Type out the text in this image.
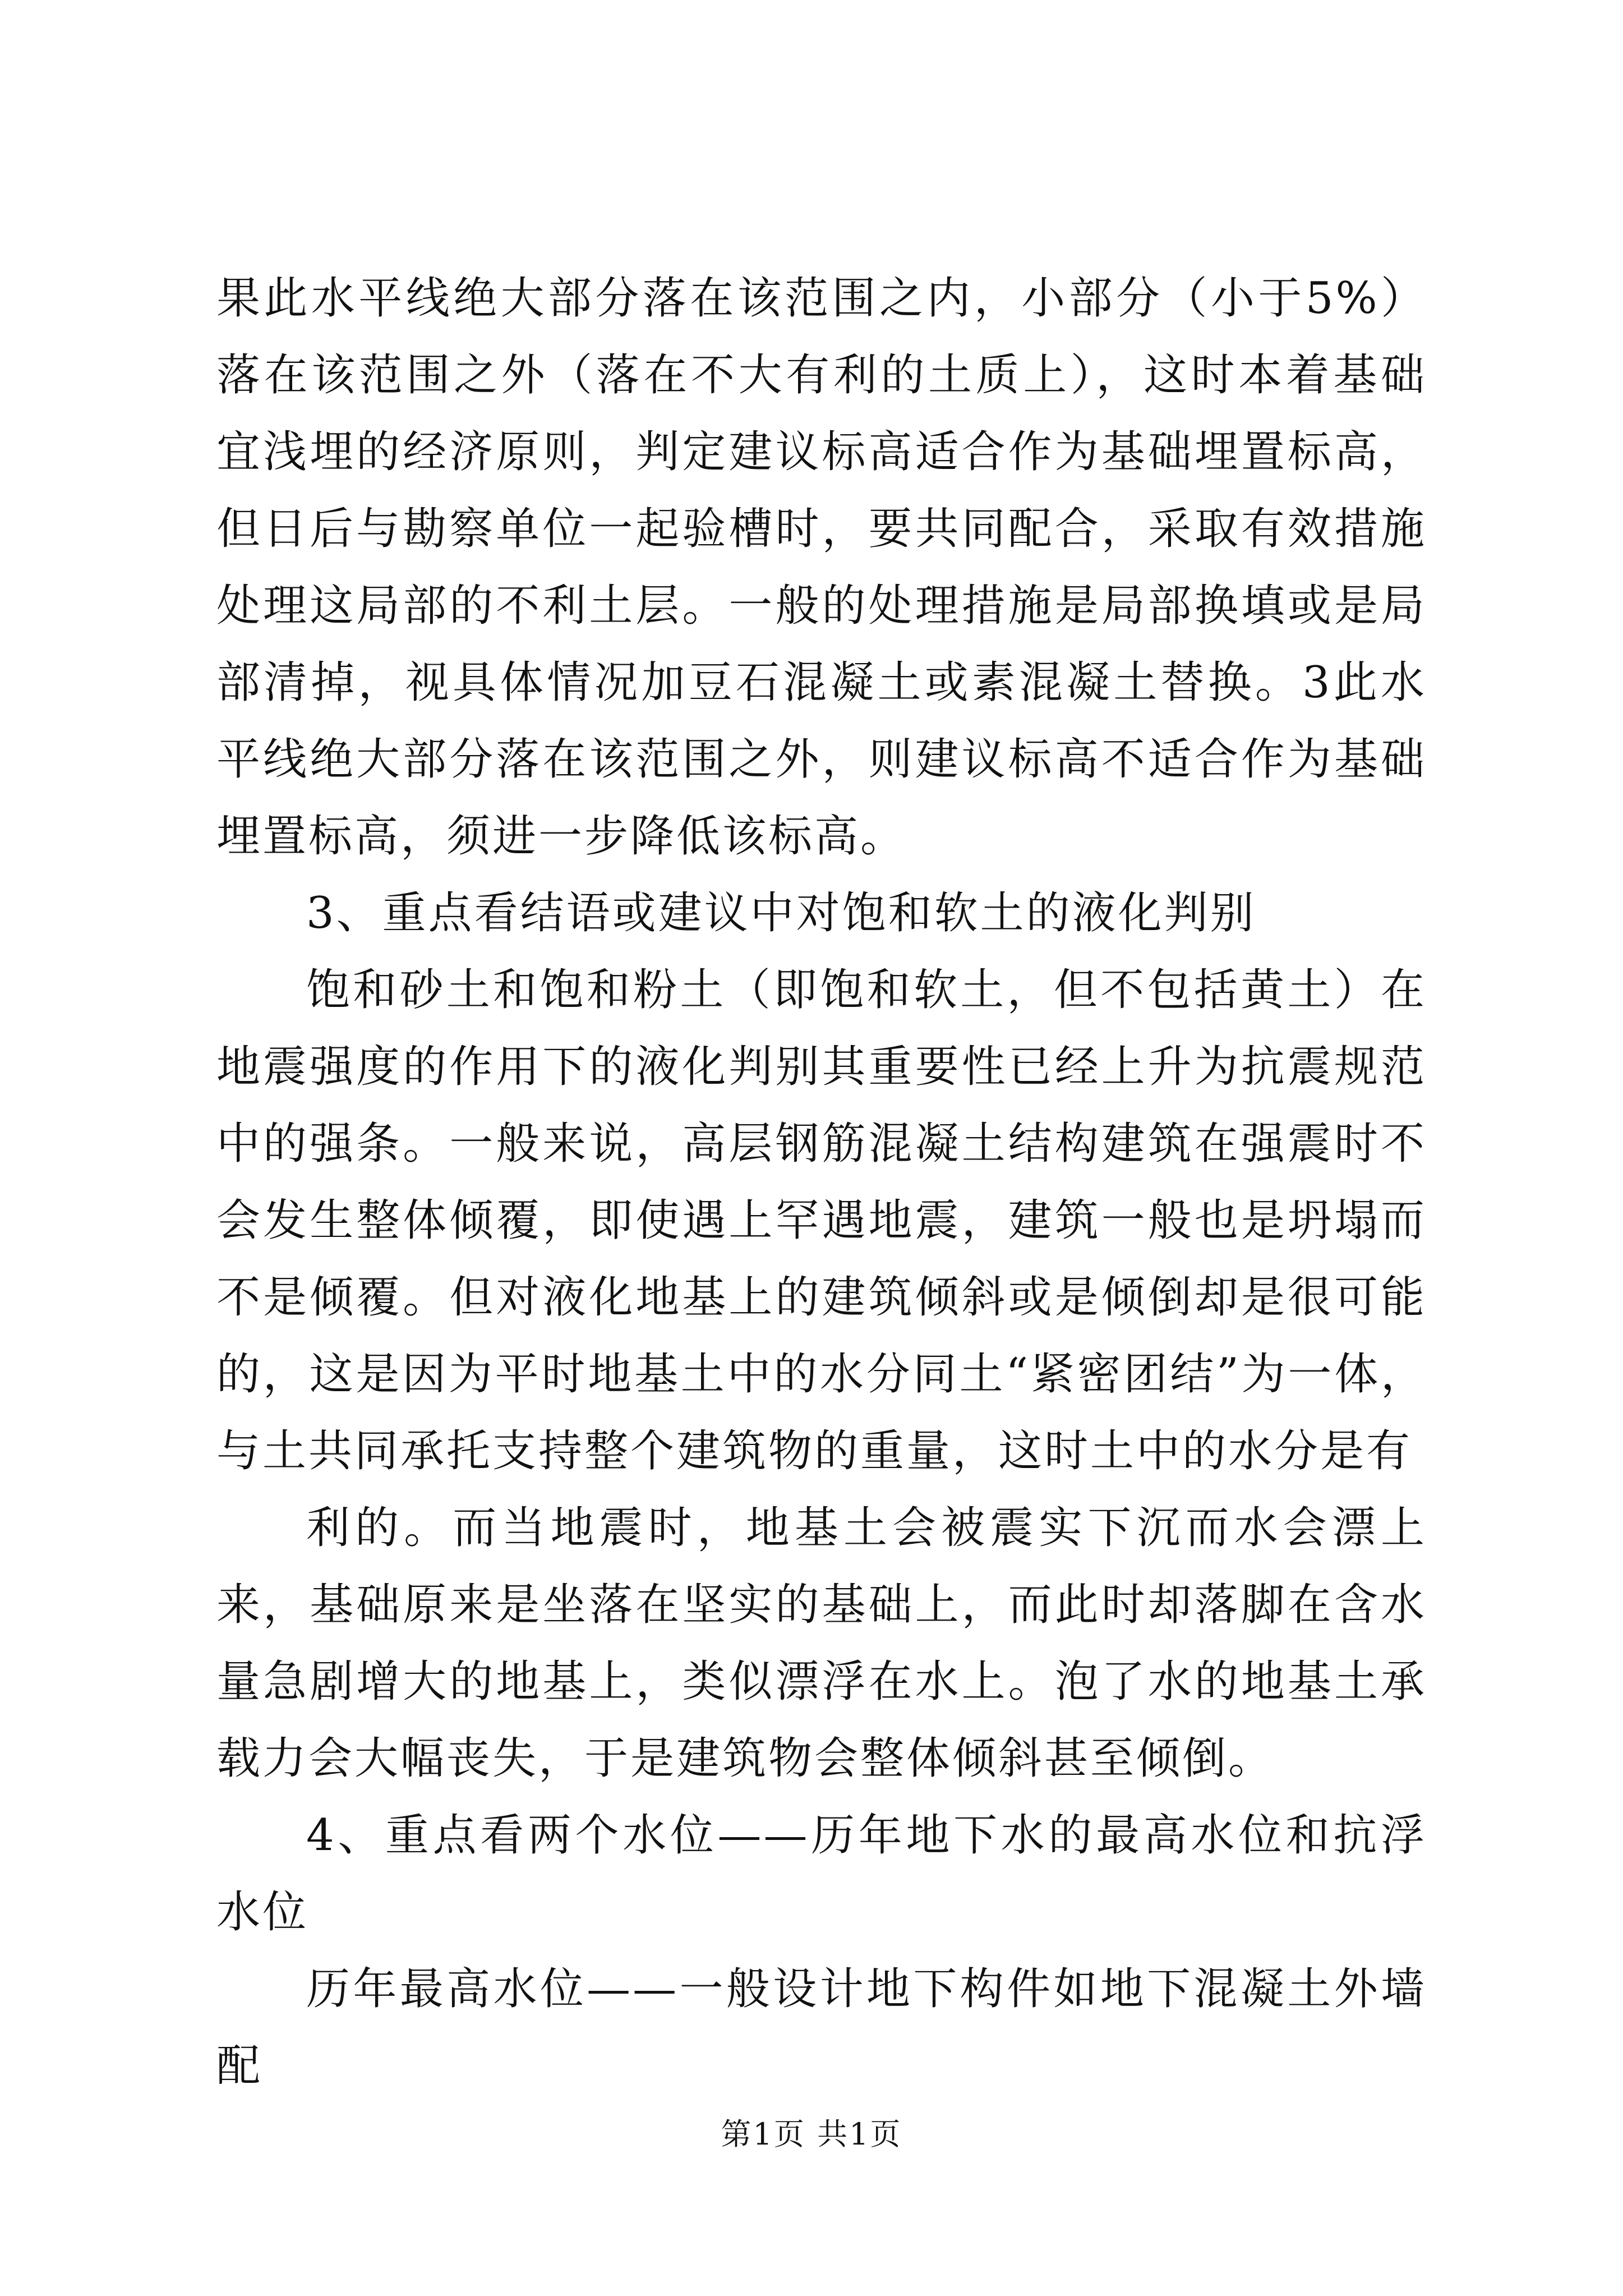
果此水平线绝大部分落在该范围之内，小部分（小于5%）落在该范围之外（落在不大有利的土质上），这时本着基础宜浅埋的经济原则，判定建议标高适合作为基础埋置标高，但日后与勘察单位一起验槽时，要共同配合，采取有效措施处理这局部的不利土层。一般的处理措施是局部换填或是局部清掉，视具体情况加豆石混凝土或素混凝土替换。3此水平线绝大部分落在该范围之外，则建议标高不适合作为基础埋置标高，须进一步降低该标高。

3、重点看结语或建议中对饱和软土的液化判别

饱和砂土和饱和粉土（即饱和软土，但不包括黄土）在地震强度的作用下的液化判别其重要性已经上升为抗震规范中的强条。一般来说，高层钢筋混凝土结构建筑在强震时不会发生整体倾覆，即使遇上罕遇地震，建筑一般也是坍塌而不是倾覆。但对液化地基上的建筑倾斜或是倾倒却是很可能的，这是因为平时地基土中的水分同土“紧密团结”为一体，与土共同承托支持整个建筑物的重量，这时土中的水分是有

利的。而当地震时，地基土会被震实下沉而水会漂上来，基础原来是坐落在坚实的基础上，而此时却落脚在含水量急剧增大的地基上，类似漂浮在水上。泡了水的地基土承载力会大幅丧失，于是建筑物会整体倾斜甚至倾倒。

4、重点看两个水位——历年地下水的最高水位和抗浮水位

历年最高水位——一般设计地下构件如地下混凝土外墙配

第1页 共1页
